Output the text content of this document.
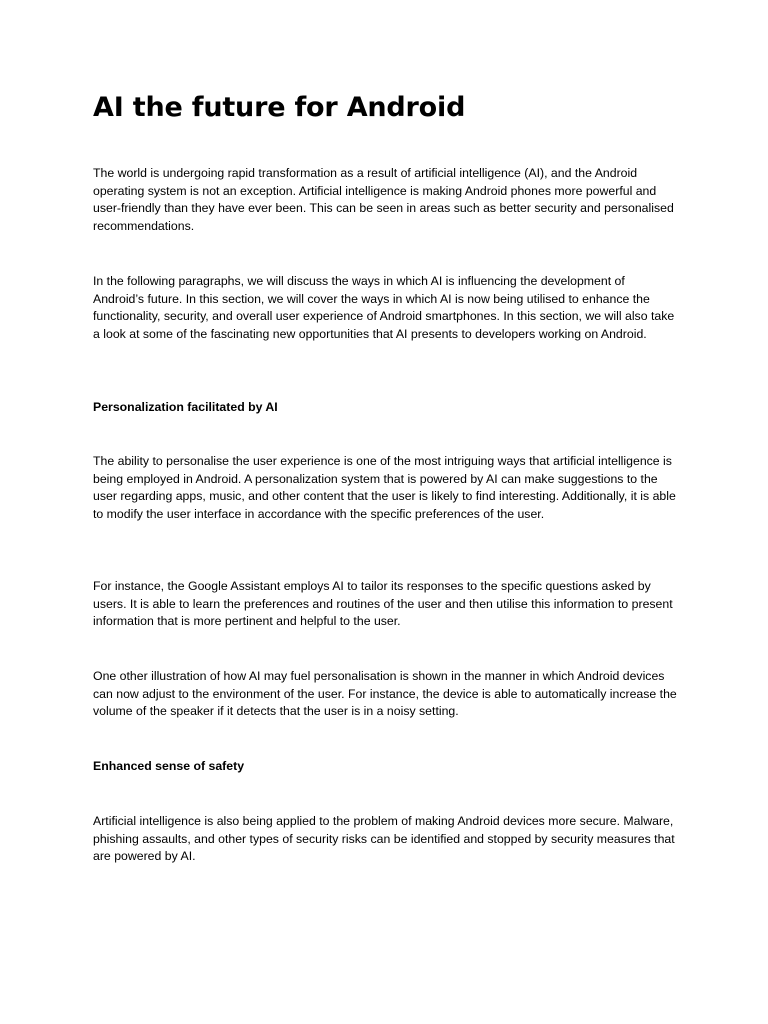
AI the future for Android

The world is undergoing rapid transformation as a result of artificial intelligence (AI), and the Android operating system is not an exception. Artificial intelligence is making Android phones more powerful and user-friendly than they have ever been. This can be seen in areas such as better security and personalised recommendations.

In the following paragraphs, we will discuss the ways in which AI is influencing the development of Android’s future. In this section, we will cover the ways in which AI is now being utilised to enhance the functionality, security, and overall user experience of Android smartphones. In this section, we will also take a look at some of the fascinating new opportunities that AI presents to developers working on Android.

Personalization facilitated by AI

The ability to personalise the user experience is one of the most intriguing ways that artificial intelligence is being employed in Android. A personalization system that is powered by AI can make suggestions to the user regarding apps, music, and other content that the user is likely to find interesting. Additionally, it is able to modify the user interface in accordance with the specific preferences of the user.

For instance, the Google Assistant employs AI to tailor its responses to the specific questions asked by users. It is able to learn the preferences and routines of the user and then utilise this information to present information that is more pertinent and helpful to the user.

One other illustration of how AI may fuel personalisation is shown in the manner in which Android devices can now adjust to the environment of the user. For instance, the device is able to automatically increase the volume of the speaker if it detects that the user is in a noisy setting.

Enhanced sense of safety

Artificial intelligence is also being applied to the problem of making Android devices more secure. Malware, phishing assaults, and other types of security risks can be identified and stopped by security measures that are powered by AI.
